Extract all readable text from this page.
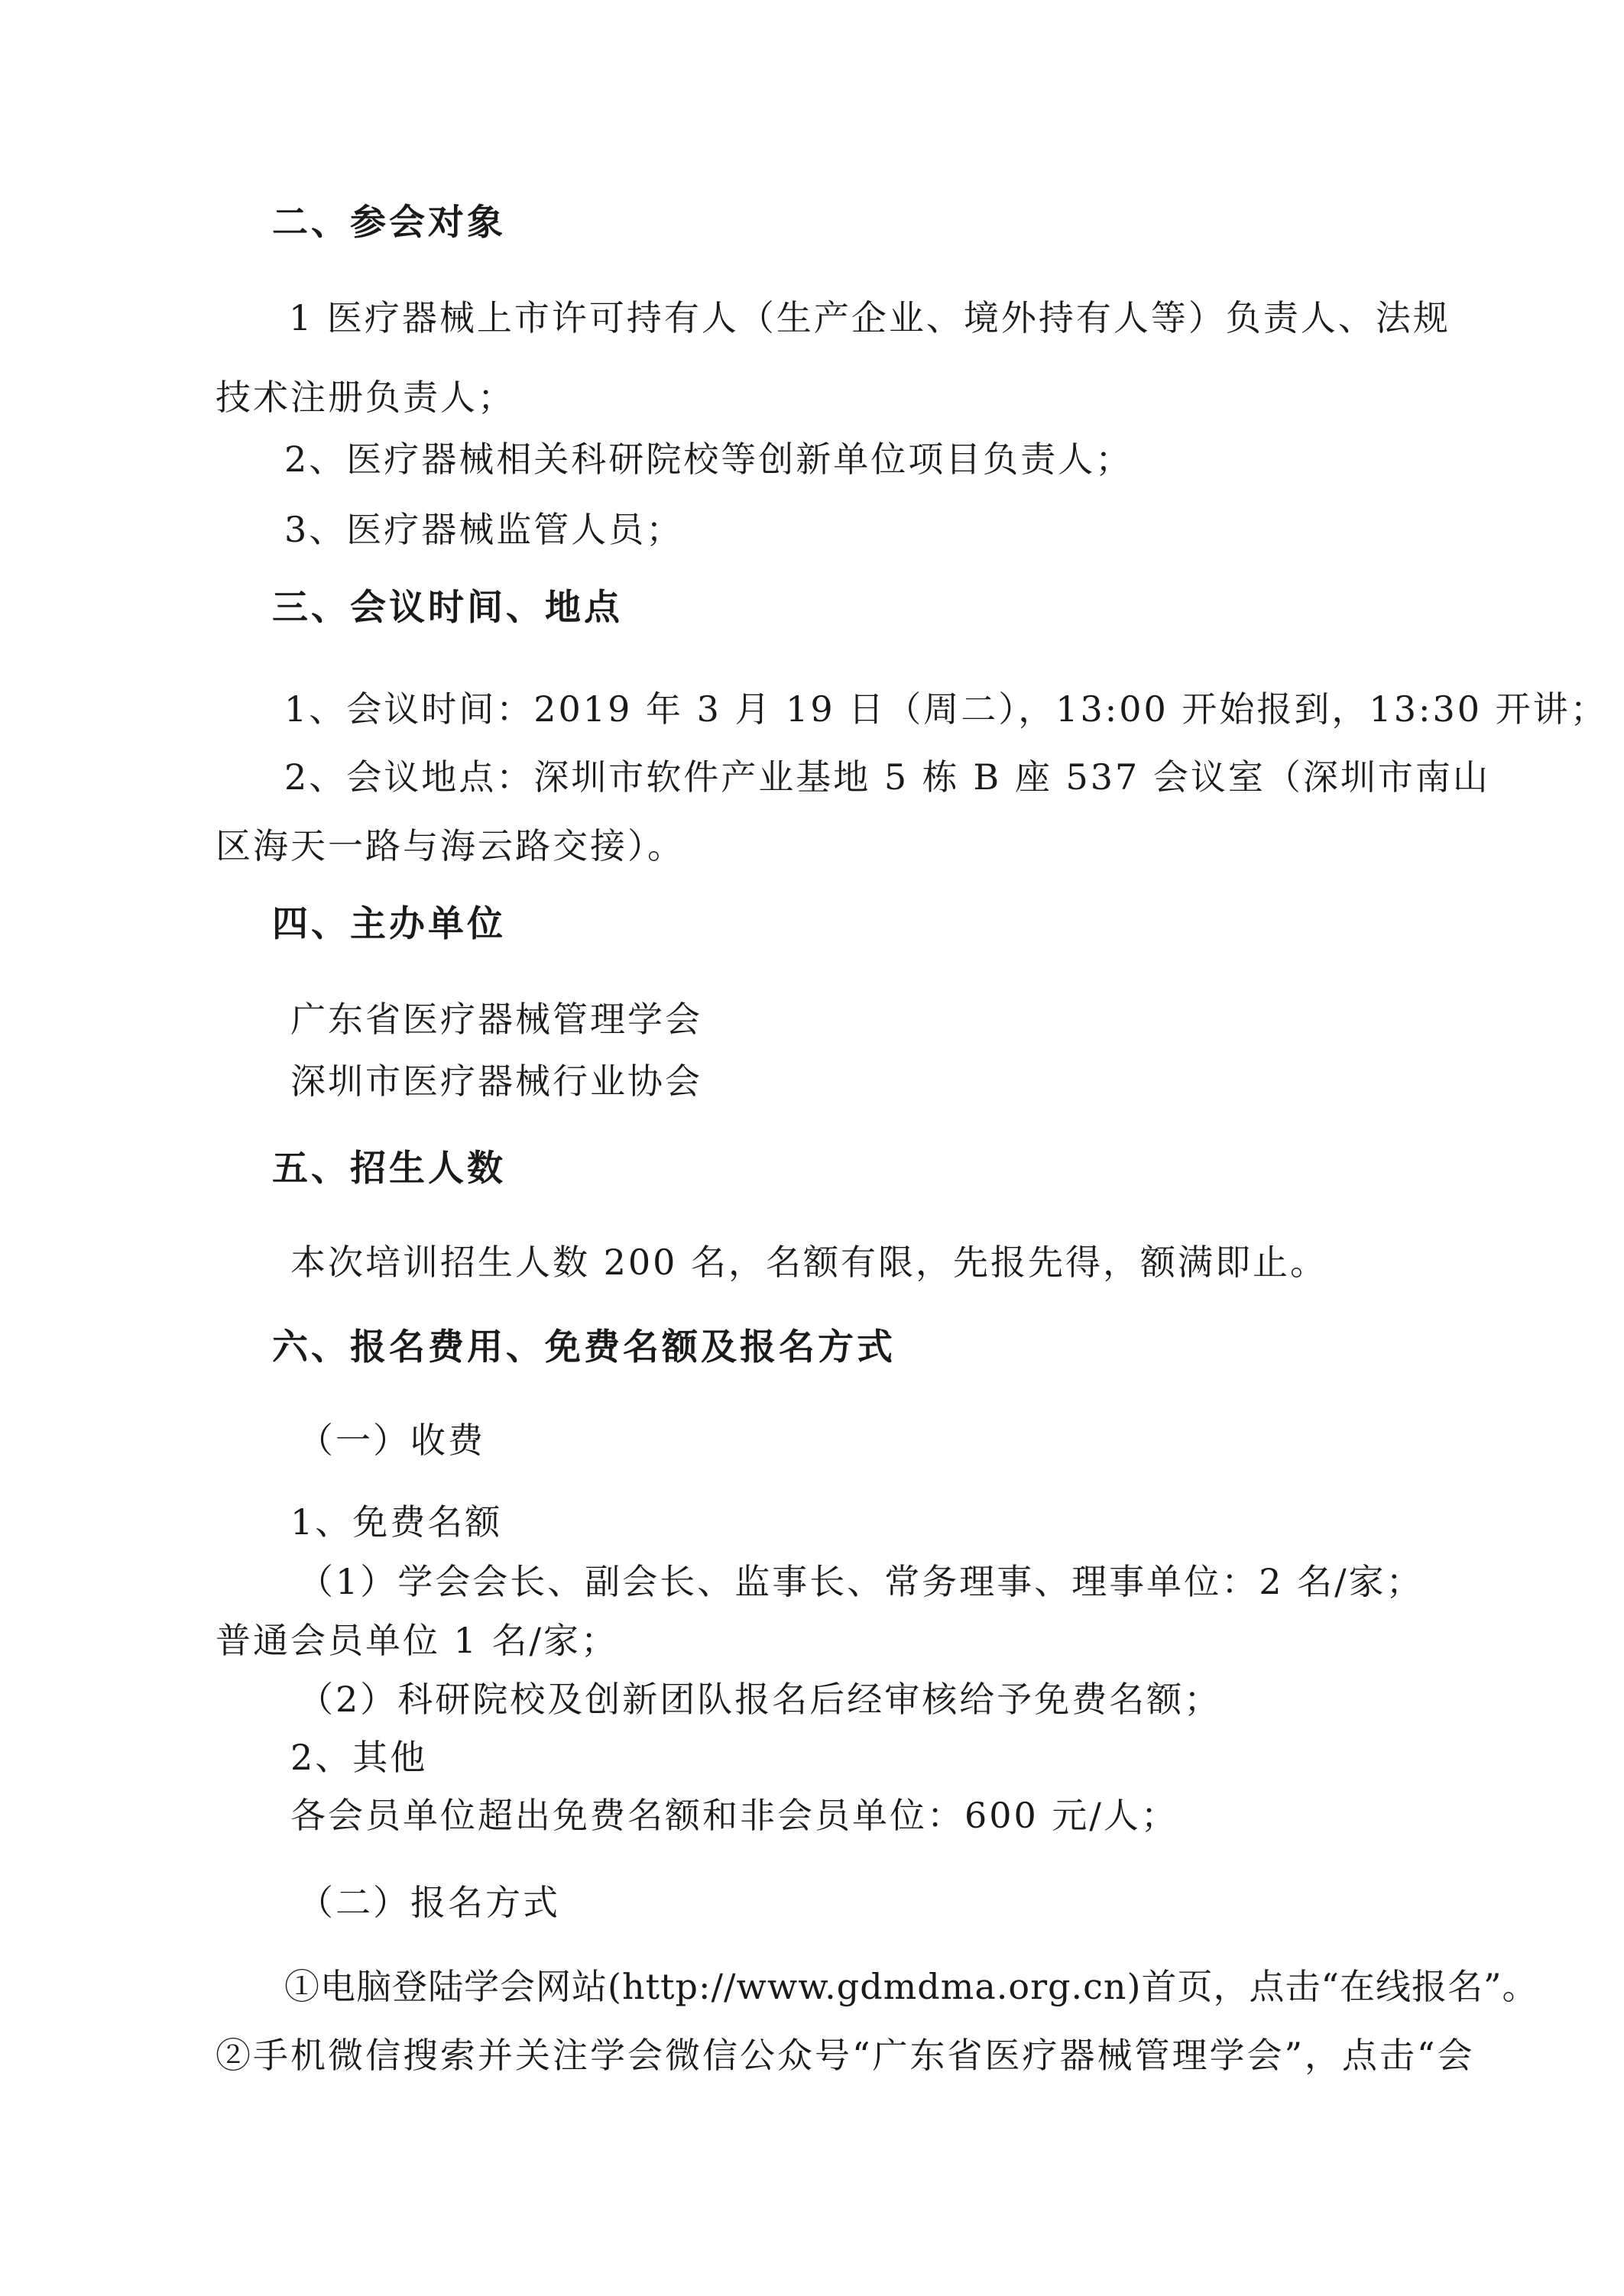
二、参会对象
1 医疗器械上市许可持有人（生产企业、境外持有人等）负责人、法规
技术注册负责人；
2、医疗器械相关科研院校等创新单位项目负责人；
3、医疗器械监管人员；
三、会议时间、地点
1、会议时间：2019 年 3 月 19 日（周二），13:00 开始报到，13:30 开讲；
2、会议地点：深圳市软件产业基地 5 栋 B 座 537 会议室（深圳市南山
区海天一路与海云路交接）。
四、主办单位
广东省医疗器械管理学会
深圳市医疗器械行业协会
五、招生人数
本次培训招生人数 200 名，名额有限，先报先得，额满即止。
六、报名费用、免费名额及报名方式
（一）收费
1、免费名额
（1）学会会长、副会长、监事长、常务理事、理事单位：2 名/家；
普通会员单位 1 名/家；
（2）科研院校及创新团队报名后经审核给予免费名额；
2、其他
各会员单位超出免费名额和非会员单位：600 元/人；
（二）报名方式
①电脑登陆学会网站(http://www.gdmdma.org.cn)首页，点击“在线报名”。
②手机微信搜索并关注学会微信公众号“广东省医疗器械管理学会”，点击“会
